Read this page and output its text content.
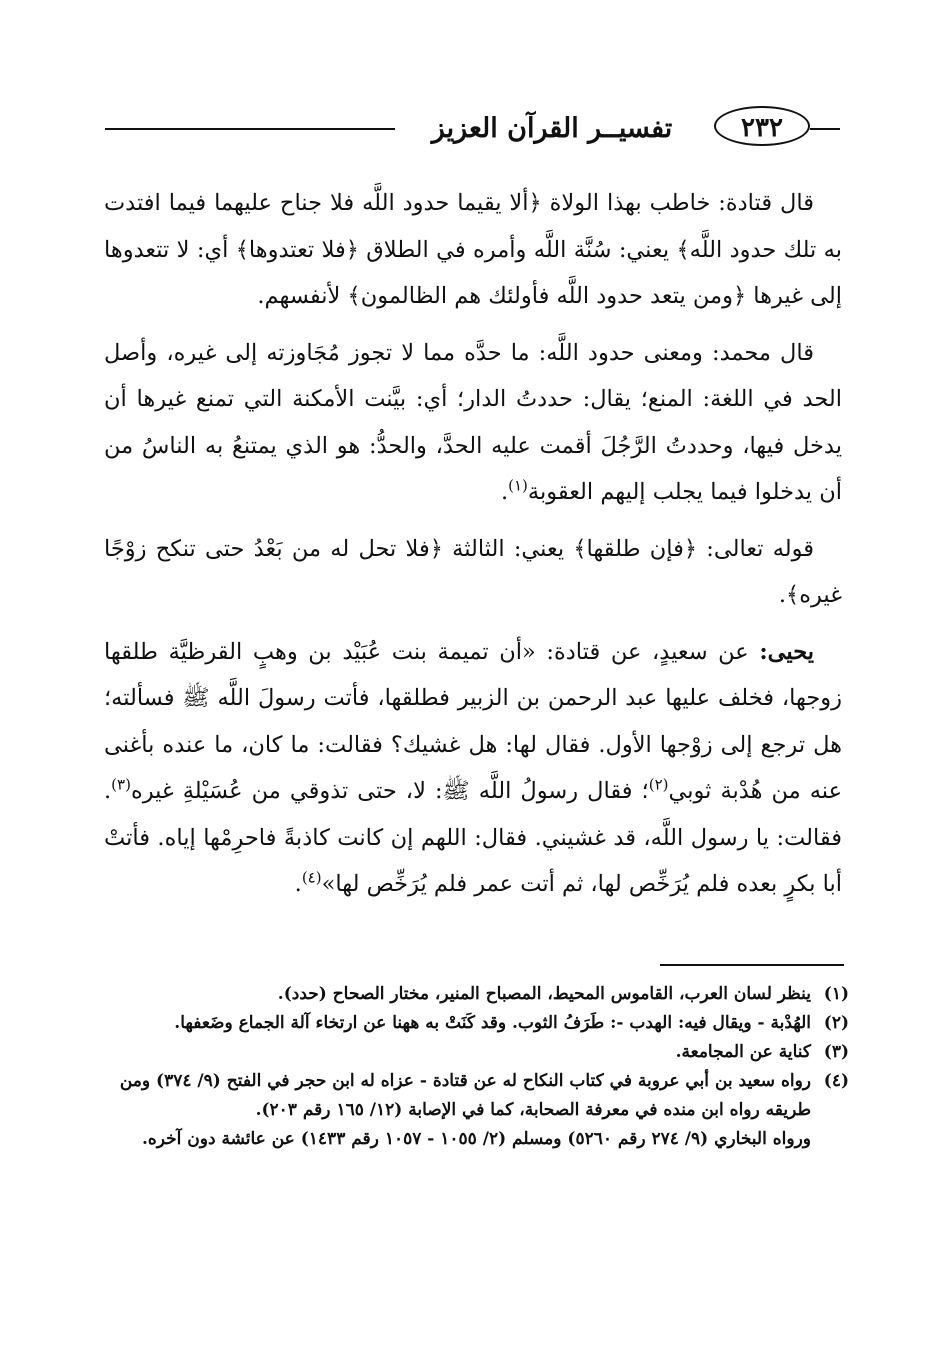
تفسيــر القرآن العزيز	٢٣٢

قال قتادة: خاطب بهذا الولاة ﴿ألا يقيما حدود اللَّه فلا جناح عليهما فيما افتدت به تلك حدود اللَّه﴾ يعني: سُنَّة اللَّه وأمره في الطلاق ﴿فلا تعتدوها﴾ أي: لا تتعدوها إلى غيرها ﴿ومن يتعد حدود اللَّه فأولئك هم الظالمون﴾ لأنفسهم.

قال محمد: ومعنى حدود اللَّه: ما حدَّه مما لا تجوز مُجَاوزته إلى غيره، وأصل الحد في اللغة: المنع؛ يقال: حددتُ الدار؛ أي: بيَّنت الأمكنة التي تمنع غيرها أن يدخل فيها، وحددتُ الرَّجُلَ أقمت عليه الحدَّ، والحدُّ: هو الذي يمتنعُ به الناسُ من أن يدخلوا فيما يجلب إليهم العقوبة$^{(١)}$.

قوله تعالى: ﴿فإن طلقها﴾ يعني: الثالثة ﴿فلا تحل له من بَعْدُ حتى تنكح زوْجًا غيره﴾.

يحيى: عن سعيدٍ، عن قتادة: «أن تميمة بنت عُبَيْد بن وهبٍ القرظيَّة طلقها زوجها، فخلف عليها عبد الرحمن بن الزبير فطلقها، فأتت رسولَ اللَّه ﷺ فسألته؛ هل ترجع إلى زوْجها الأول. فقال لها: هل غشيك؟ فقالت: ما كان، ما عنده بأغنى عنه من هُدْبة ثوبي$^{(٢)}$؛ فقال رسولُ اللَّه ﷺ: لا، حتى تذوقي من عُسَيْلةِ غيره$^{(٣)}$. فقالت: يا رسول اللَّه، قد غشيني. فقال: اللهم إن كانت كاذبةً فاحرِمْها إياه. فأتتْ أبا بكرٍ بعده فلم يُرَخِّص لها، ثم أتت عمر فلم يُرَخِّص لها»$^{(٤)}$.

(١)
ينظر لسان العرب، القاموس المحيط، المصباح المنير، مختار الصحاح (حدد).
(٢)
الهُدْبة - ويقال فيه: الهدب -: طَرَفُ الثوب. وقد كَنَتْ به ههنا عن ارتخاء آلة الجماع وضَعفها.
(٣)
كناية عن المجامعة.
(٤)
رواه سعيد بن أبي عروبة في كتاب النكاح له عن قتادة - عزاه له ابن حجر في الفتح (٩/ ٣٧٤) ومن طريقه رواه ابن منده في معرفة الصحابة، كما في الإصابة (١٢/ ١٦٥ رقم ٢٠٣).
ورواه البخاري (٩/ ٢٧٤ رقم ٥٢٦٠) ومسلم (٢/ ١٠٥٥ - ١٠٥٧ رقم ١٤٣٣) عن عائشة دون آخره.
